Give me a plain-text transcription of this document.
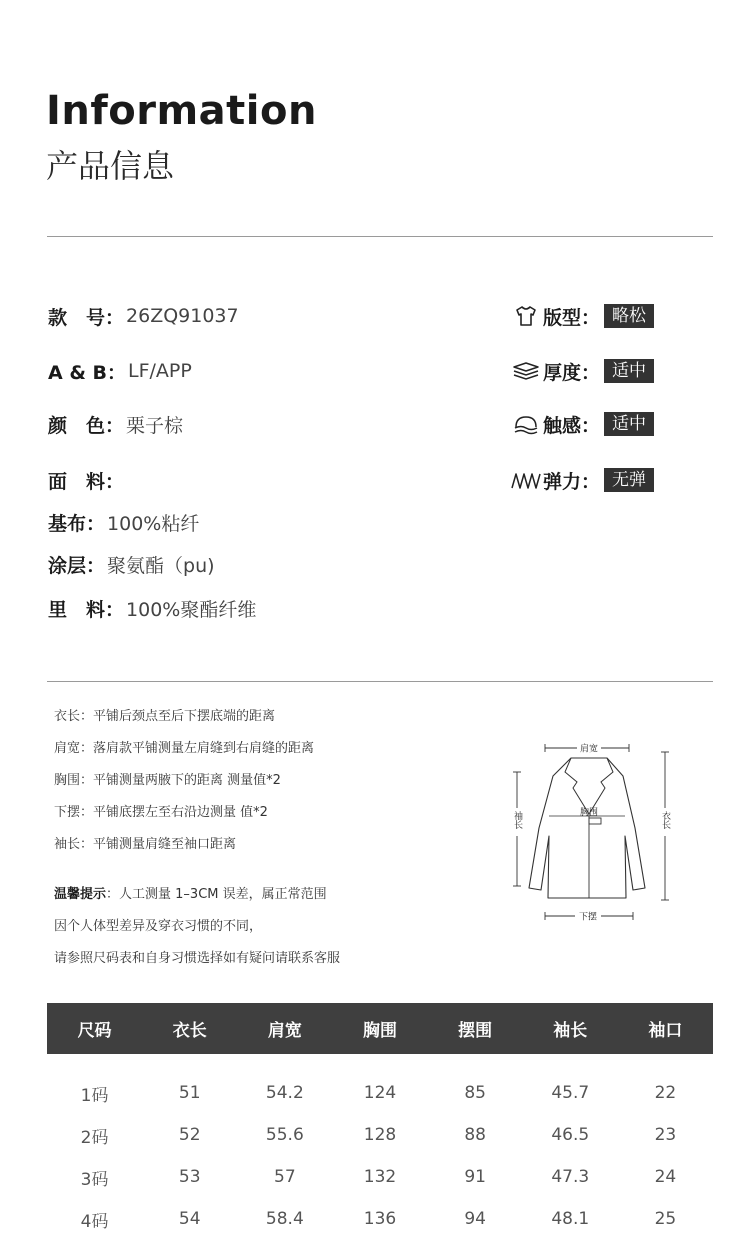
Information
产品信息
款　号： 26ZQ91037
A & B： LF/APP
颜　色： 栗子棕
面　料：
基布： 100%粘纤
涂层： 聚氨酯（pu)
里　料： 100%聚酯纤维
版型： 略松
厚度： 适中
触感： 适中
弹力： 无弹
衣长：平铺后颈点至后下摆底端的距离
肩宽：落肩款平铺测量左肩缝到右肩缝的距离
胸围：平铺测量两腋下的距离 测量值*2
下摆：平铺底摆左至右沿边测量 值*2
袖长：平铺测量肩缝至袖口距离
温馨提示：人工测量 1–3CM 误差，属正常范围
因个人体型差异及穿衣习惯的不同，
请参照尺码表和自身习惯选择如有疑问请联系客服
肩宽
胸围
袖长	衣长
下摆
尺码	衣长	肩宽	胸围	摆围	袖长	袖口

1码	51	54.2	124	85	45.7	22
2码	52	55.6	128	88	46.5	23
3码	53	57	132	91	47.3	24
4码	54	58.4	136	94	48.1	25
